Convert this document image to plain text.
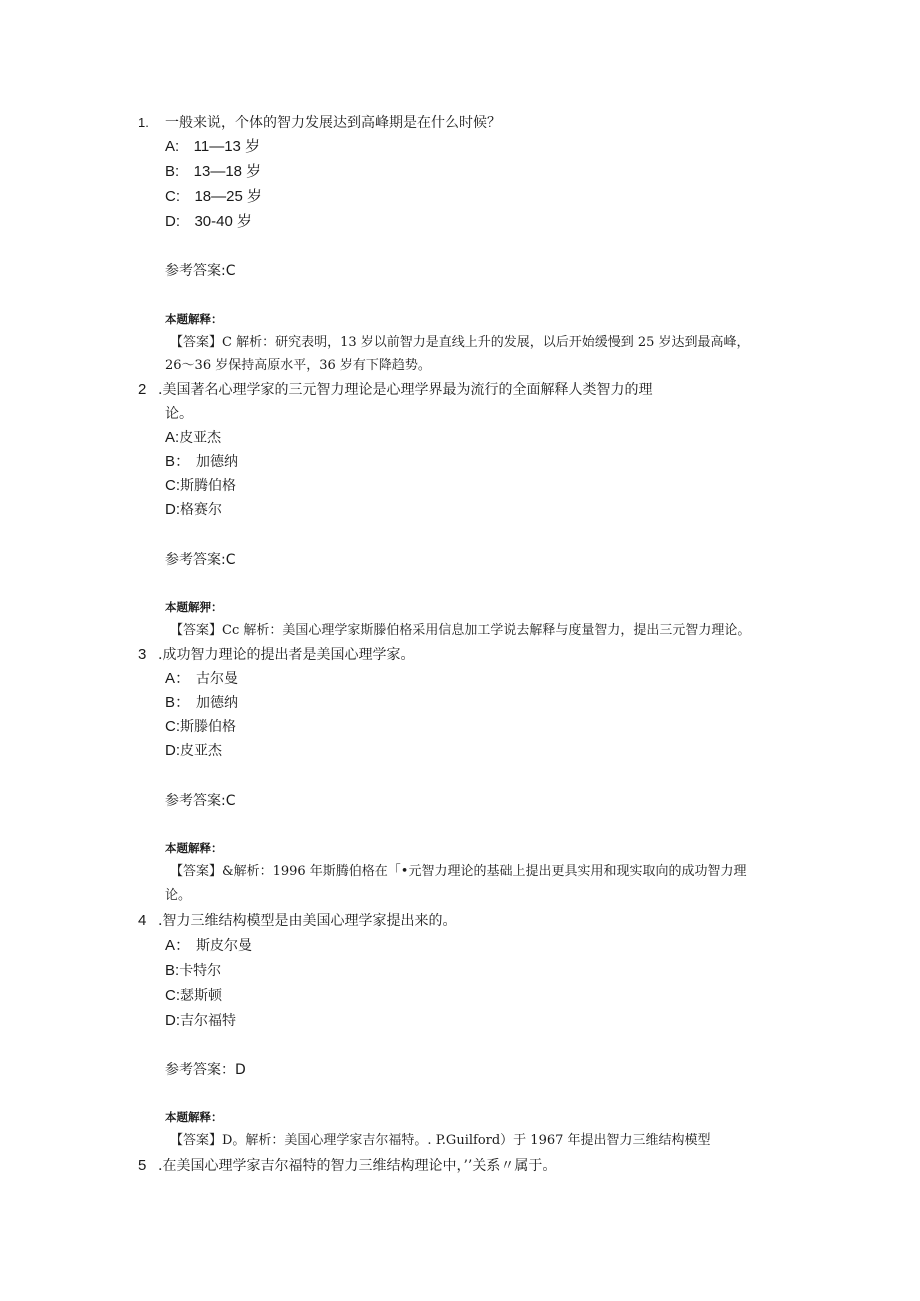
1. 一般来说，个体的智力发展达到高峰期是在什么时候？
A: 11—13 岁
B: 13—18 岁
C: 18—25 岁
D: 30-40 岁
参考答案:C
本题解释：
【答案】C 解析：研究表明，13 岁以前智力是直线上升的发展，以后开始缓慢到 25 岁达到最高峰，
26～36 岁保持高原水平，36 岁有下降趋势。
2 .美国著名心理学家的三元智力理论是心理学界最为流行的全面解释人类智力的理
论。
A:皮亚杰
B： 加德纳
C:斯腾伯格
D:格赛尔
参考答案:C
本题解狎：
【答案】Cc 解析：美国心理学家斯滕伯格采用信息加工学说去解释与度量智力，提出三元智力理论。
3 .成功智力理论的提出者是美国心理学家。
A： 古尔曼
B： 加德纳
C:斯滕伯格
D:皮亚杰
参考答案:C
本题解释：
【答案】&解析：1996 年斯腾伯格在「•元智力理论的基础上提出更具实用和现实取向的成功智力理
论。
4 .智力三维结构模型是由美国心理学家提出来的。
A： 斯皮尔曼
B:卡特尔
C:瑟斯顿
D:吉尔福特
参考答案：D
本题解释：
【答案】D。解析：美国心理学家吉尔福特。. P.Guilford）于 1967 年提出智力三维结构模型
5 .在美国心理学家吉尔福特的智力三维结构理论中，’’关系〃属于。
